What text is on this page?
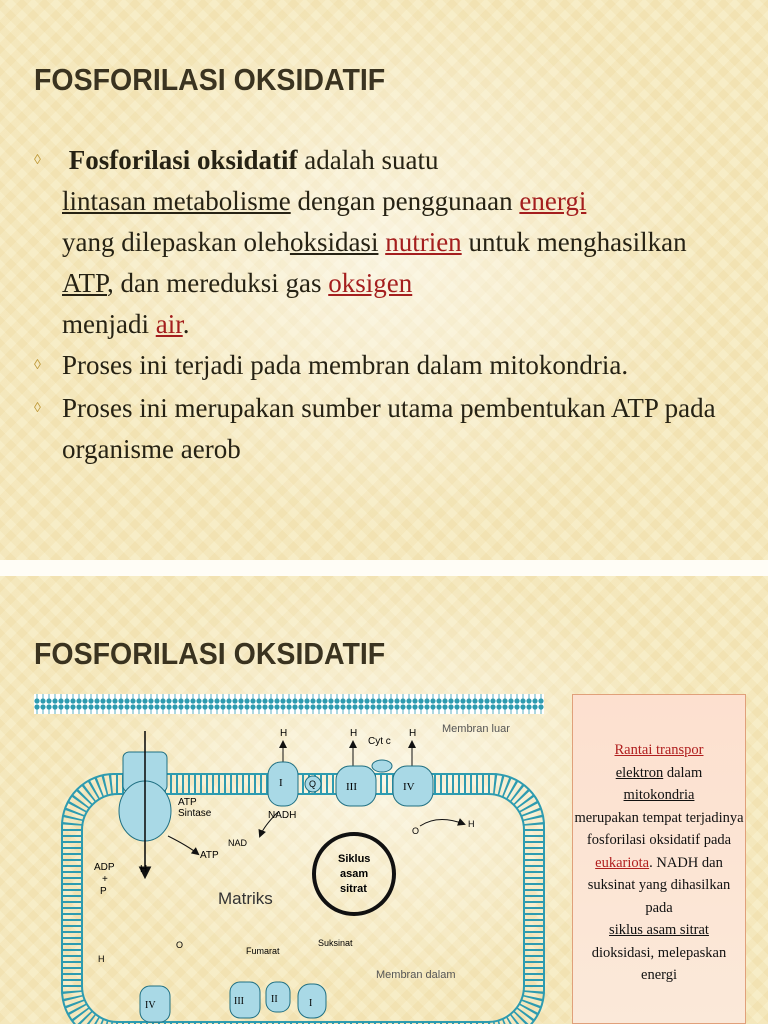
FOSFORILASI OKSIDATIF
◊ Fosforilasi oksidatif adalah suatu
lintasan metabolisme dengan penggunaan energi
yang dilepaskan olehoksidasi nutrien untuk menghasilkan ATP, dan mereduksi gas oksigen
menjadi air.
◊ Proses ini terjadi pada membran dalam mitokondria.
◊ Proses ini merupakan sumber utama pembentukan ATP pada organisme aerob
FOSFORILASI OKSIDATIF
Membran luar
Membran dalam
ATP
Sintase
ATP
ADP
+
P
H
H	H	H
Cyt c
I	Q	III	IV
NADH
NAD
O
H
Matriks
Siklus
asam
sitrat
Suksinat
Fumarat
IV	III	II	I
H
O
Rantai transpor
elektron dalam
mitokondria
merupakan tempat terjadinya fosforilasi oksidatif pada
eukariota. NADH dan suksinat yang dihasilkan pada
siklus asam sitrat
dioksidasi, melepaskan energi
